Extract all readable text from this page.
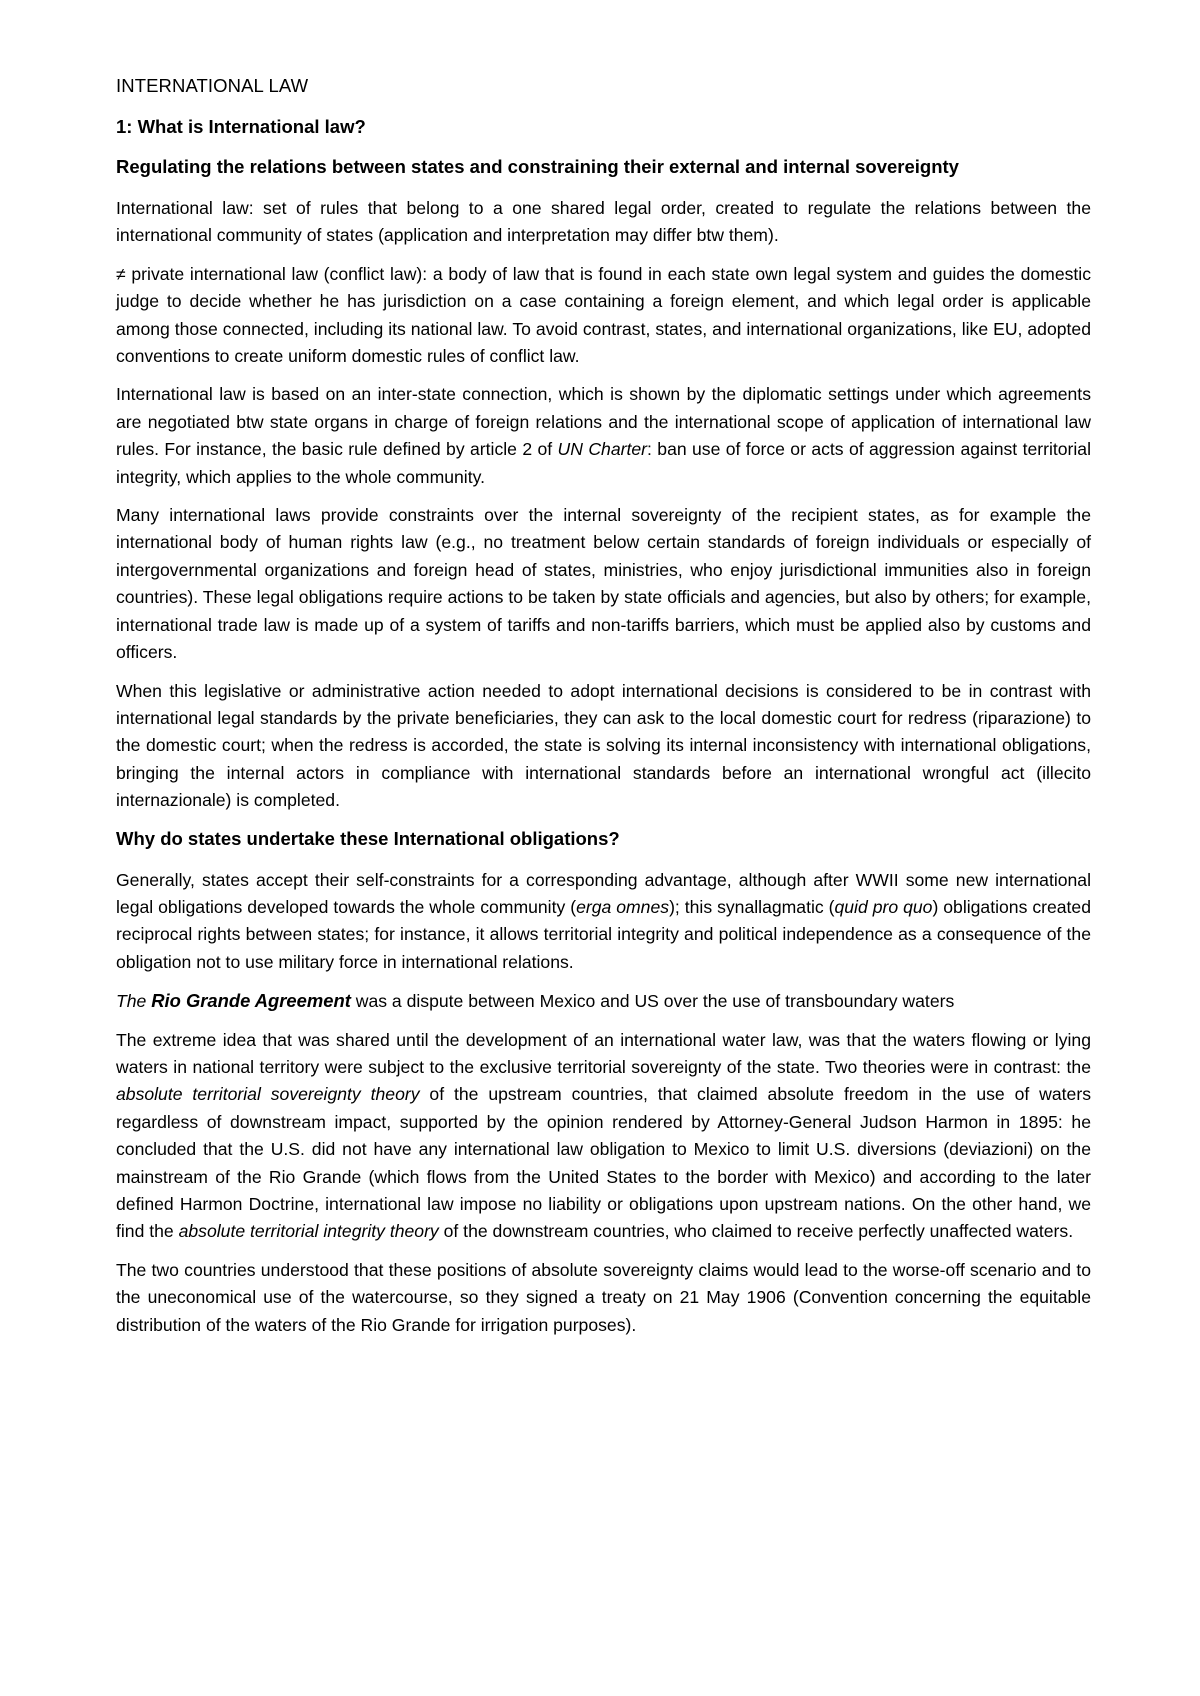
INTERNATIONAL LAW
1: What is International law?
Regulating the relations between states and constraining their external and internal sovereignty

International law: set of rules that belong to a one shared legal order, created to regulate the relations between the international community of states (application and interpretation may differ btw them).

≠ private international law (conflict law): a body of law that is found in each state own legal system and guides the domestic judge to decide whether he has jurisdiction on a case containing a foreign element, and which legal order is applicable among those connected, including its national law. To avoid contrast, states, and international organizations, like EU, adopted conventions to create uniform domestic rules of conflict law.

International law is based on an inter-state connection, which is shown by the diplomatic settings under which agreements are negotiated btw state organs in charge of foreign relations and the international scope of application of international law rules. For instance, the basic rule defined by article 2 of UN Charter: ban use of force or acts of aggression against territorial integrity, which applies to the whole community.

Many international laws provide constraints over the internal sovereignty of the recipient states, as for example the international body of human rights law (e.g., no treatment below certain standards of foreign individuals or especially of intergovernmental organizations and foreign head of states, ministries, who enjoy jurisdictional immunities also in foreign countries). These legal obligations require actions to be taken by state officials and agencies, but also by others; for example, international trade law is made up of a system of tariffs and non-tariffs barriers, which must be applied also by customs and officers.

When this legislative or administrative action needed to adopt international decisions is considered to be in contrast with international legal standards by the private beneficiaries, they can ask to the local domestic court for redress (riparazione) to the domestic court; when the redress is accorded, the state is solving its internal inconsistency with international obligations, bringing the internal actors in compliance with international standards before an international wrongful act (illecito internazionale) is completed.

Why do states undertake these International obligations?

Generally, states accept their self-constraints for a corresponding advantage, although after WWII some new international legal obligations developed towards the whole community (erga omnes); this synallagmatic (quid pro quo) obligations created reciprocal rights between states; for instance, it allows territorial integrity and political independence as a consequence of the obligation not to use military force in international relations.

The Rio Grande Agreement was a dispute between Mexico and US over the use of transboundary waters

The extreme idea that was shared until the development of an international water law, was that the waters flowing or lying waters in national territory were subject to the exclusive territorial sovereignty of the state. Two theories were in contrast: the absolute territorial sovereignty theory of the upstream countries, that claimed absolute freedom in the use of waters regardless of downstream impact, supported by the opinion rendered by Attorney-General Judson Harmon in 1895: he concluded that the U.S. did not have any international law obligation to Mexico to limit U.S. diversions (deviazioni) on the mainstream of the Rio Grande (which flows from the United States to the border with Mexico) and according to the later defined Harmon Doctrine, international law impose no liability or obligations upon upstream nations. On the other hand, we find the absolute territorial integrity theory of the downstream countries, who claimed to receive perfectly unaffected waters.

The two countries understood that these positions of absolute sovereignty claims would lead to the worse-off scenario and to the uneconomical use of the watercourse, so they signed a treaty on 21 May 1906 (Convention concerning the equitable distribution of the waters of the Rio Grande for irrigation purposes).
